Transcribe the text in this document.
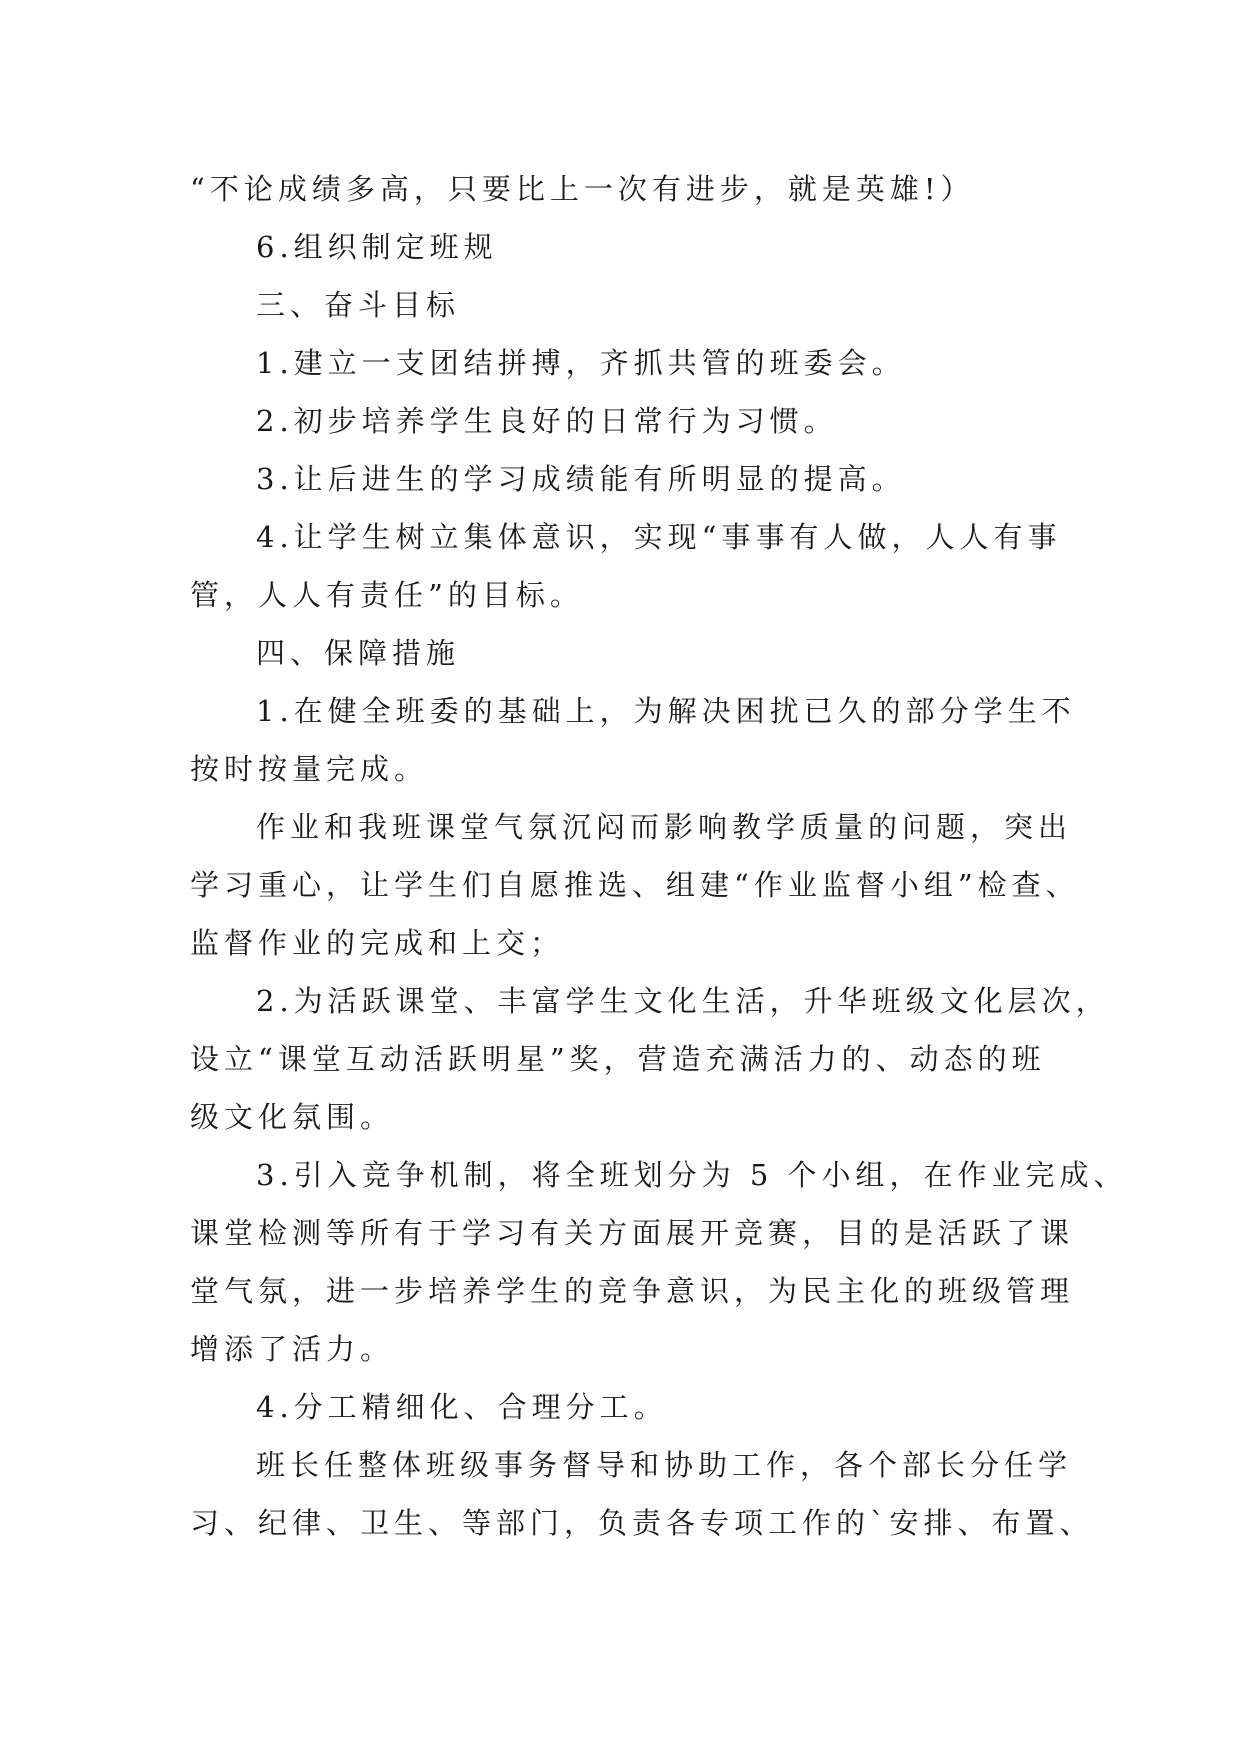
“不论成绩多高，只要比上一次有进步，就是英雄!）
6.组织制定班规
三、奋斗目标
1.建立一支团结拼搏，齐抓共管的班委会。
2.初步培养学生良好的日常行为习惯。
3.让后进生的学习成绩能有所明显的提高。
4.让学生树立集体意识，实现“事事有人做，人人有事
管，人人有责任”的目标。
四、保障措施
1.在健全班委的基础上，为解决困扰已久的部分学生不
按时按量完成。
作业和我班课堂气氛沉闷而影响教学质量的问题，突出
学习重心，让学生们自愿推选、组建“作业监督小组”检查、
监督作业的完成和上交；
2.为活跃课堂、丰富学生文化生活，升华班级文化层次，
设立“课堂互动活跃明星”奖，营造充满活力的、动态的班
级文化氛围。
3.引入竞争机制，将全班划分为 5 个小组，在作业完成、
课堂检测等所有于学习有关方面展开竞赛，目的是活跃了课
堂气氛，进一步培养学生的竞争意识，为民主化的班级管理
增添了活力。
4.分工精细化、合理分工。
班长任整体班级事务督导和协助工作，各个部长分任学
习、纪律、卫生、等部门，负责各专项工作的`安排、布置、
